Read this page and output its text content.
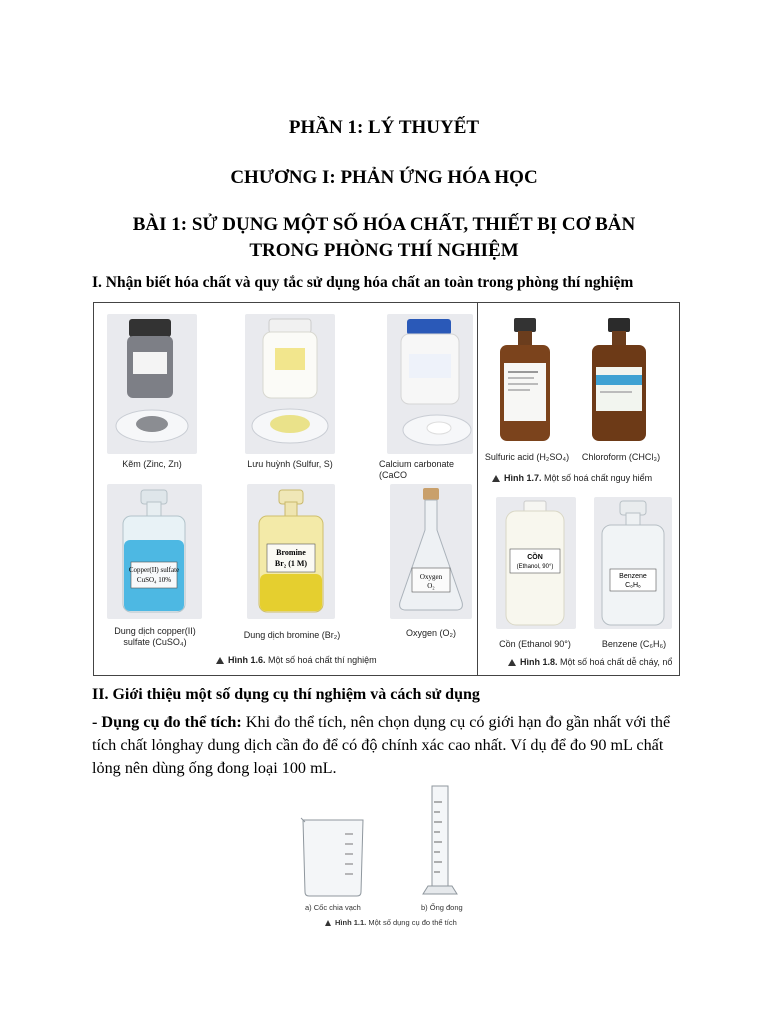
PHẦN 1: LÝ THUYẾT
CHƯƠNG I: PHẢN ỨNG HÓA HỌC
BÀI 1: SỬ DỤNG MỘT SỐ HÓA CHẤT, THIẾT BỊ CƠ BẢN
TRONG PHÒNG THÍ NGHIỆM
I. Nhận biết hóa chất và quy tắc sử dụng hóa chất an toàn trong phòng thí nghiệm
Kẽm (Zinc, Zn)	Lưu huỳnh (Sulfur, S)	Calcium carbonate (CaCO
Copper(II) sulfate
CuSO₄ 10%
Dung dịch copper(II)
sulfate (CuSO₄)
Bromine
Br₂ (1 M)
Dung dịch bromine (Br₂)
Oxygen
O₂
Oxygen (O₂)
Hình 1.6. Một số hoá chất thí nghiệm
Sulfuric acid (H₂SO₄)	Chloroform (CHCl₃)
Hình 1.7. Một số hoá chất nguy hiểm
CỒN
(Ethanol, 90°)
Cồn (Ethanol 90°)
Benzene
C₆H₆
Benzene (C₆H₆)
Hình 1.8. Một số hoá chất dễ cháy, nổ
II. Giới thiệu một số dụng cụ thí nghiệm và cách sử dụng
- Dụng cụ đo thể tích: Khi đo thể tích, nên chọn dụng cụ có giới hạn đo gần nhất với thể
tích chất lỏnghay dung dịch cần đo để có độ chính xác cao nhất. Ví dụ để đo 90 mL chất
lỏng nên dùng ống đong loại 100 mL.
a) Cốc chia vạch	b) Ống đong
Hình 1.1. Một số dụng cụ đo thể tích
